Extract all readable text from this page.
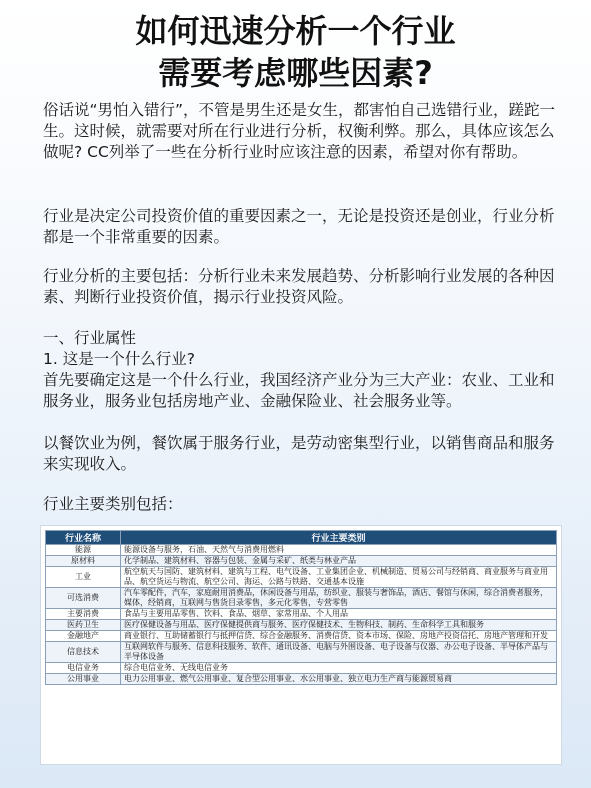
如何迅速分析一个行业
需要考虑哪些因素?
俗话说“男怕入错行”，不管是男生还是女生，都害怕自己选错行业，蹉跎一生。这时候，就需要对所在行业进行分析，权衡利弊。那么，具体应该怎么做呢? CC列举了一些在分析行业时应该注意的因素，希望对你有帮助。
行业是决定公司投资价值的重要因素之一，无论是投资还是创业，行业分析都是一个非常重要的因素。
行业分析的主要包括：分析行业未来发展趋势、分析影响行业发展的各种因素、判断行业投资价值，揭示行业投资风险。
一、行业属性
1. 这是一个什么行业?
首先要确定这是一个什么行业，我国经济产业分为三大产业：农业、工业和服务业，服务业包括房地产业、金融保险业、社会服务业等。
以餐饮业为例，餐饮属于服务行业，是劳动密集型行业，以销售商品和服务来实现收入。
行业主要类别包括：
行业名称	行业主要类别
能源	能源设备与服务，石油、天然气与消费用燃料
原材料	化学制品、建筑材料、容器与包装、金属与采矿、纸类与林业产品
工业	航空航天与国防、建筑材料、建筑与工程、电气设备、工业集团企业、机械制造、贸易公司与经销商、商业服务与商业用品、航空货运与物流、航空公司、海运、公路与铁路、交通基本设施
可选消费	汽车零配件，汽车，家庭耐用消费品，休闲设备与用品，纺织业、服装与奢饰品，酒店、餐馆与休闲，综合消费者服务，媒体，经销商，互联网与售货目录零售，多元化零售，专营零售
主要消费	食品与主要用品零售、饮料、食品、烟草、家常用品、个人用品
医药卫生	医疗保健设备与用品、医疗保健提供商与服务、医疗保健技术、生物科技、制药、生命科学工具和服务
金融地产	商业银行、互助储蓄银行与抵押信贷、综合金融服务、消费信贷、资本市场、保险、房地产投资信托、房地产管理和开发
信息技术	互联网软件与服务、信息科技服务、软件、通讯设备、电脑与外围设备、电子设备与仪器、办公电子设备、半导体产品与半导体设备
电信业务	综合电信业务、无线电信业务
公用事业	电力公用事业、燃气公用事业、复合型公用事业、水公用事业、独立电力生产商与能源贸易商
